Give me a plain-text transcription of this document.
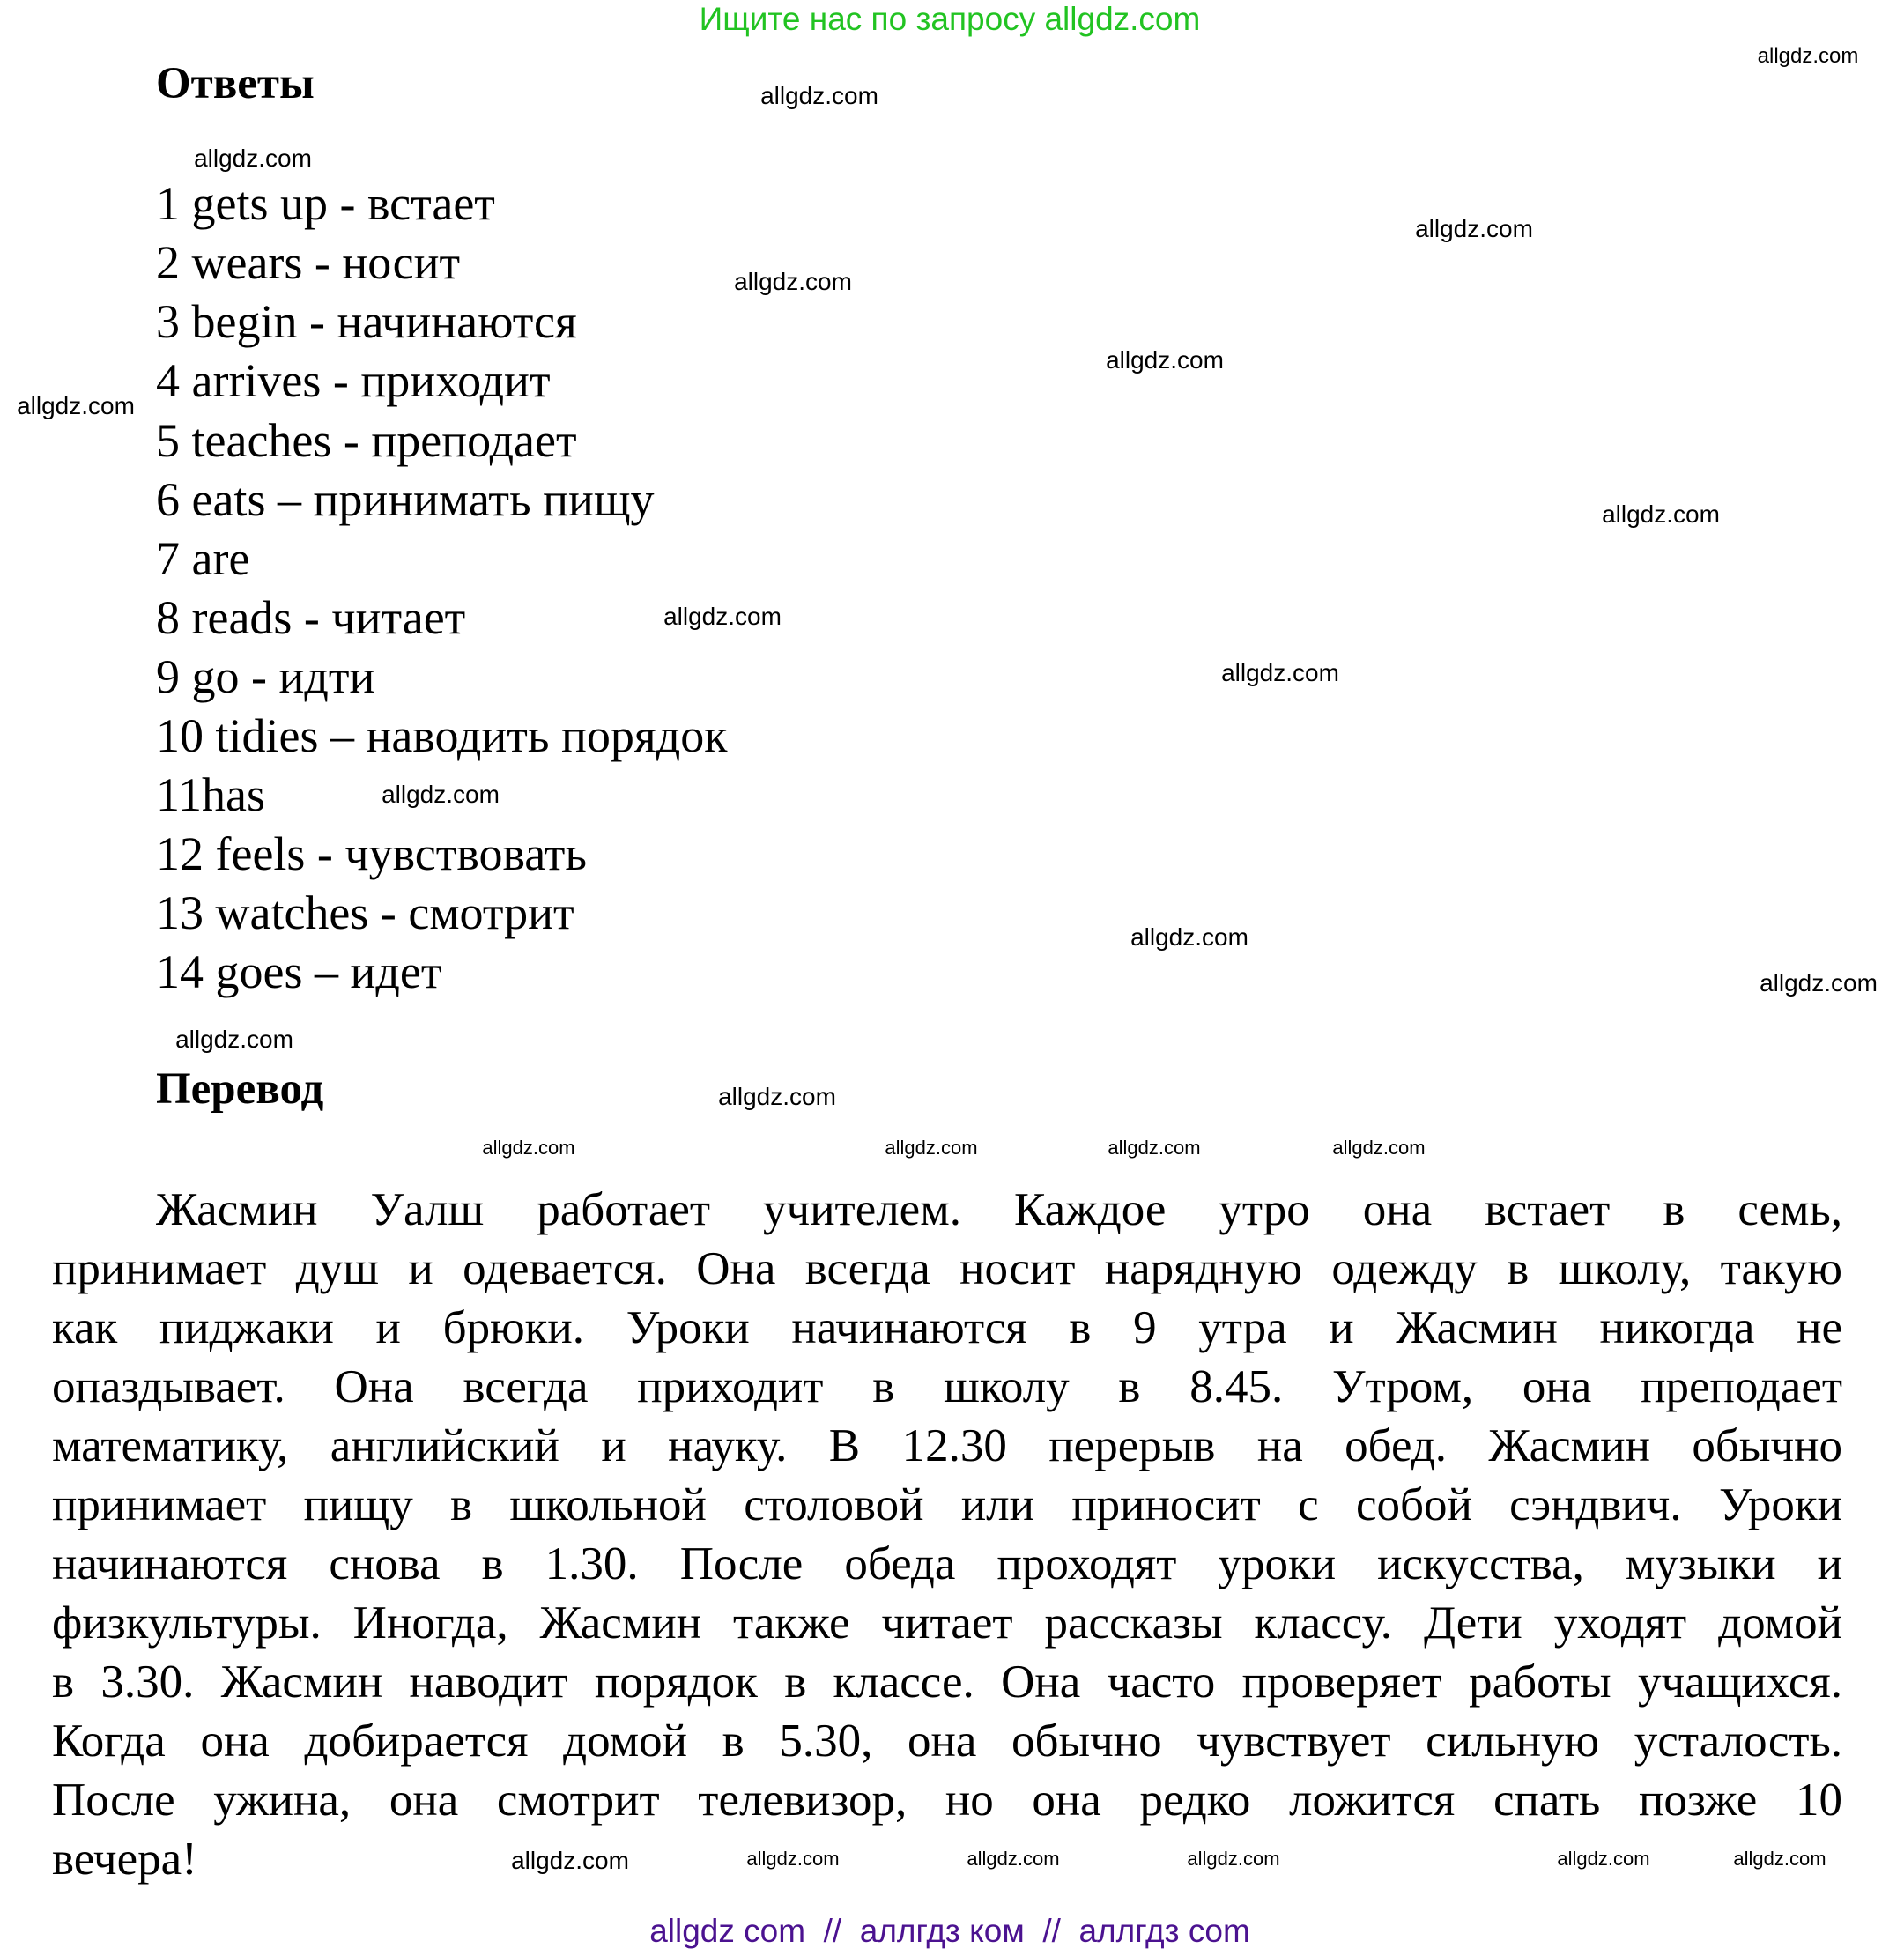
Ищите нас по запросу allgdz.com
Ответы
1 gets up - встает
2 wears - носит
3 begin - начинаются
4 arrives - приходит
5 teaches - преподает
6 eats – принимать пищу
7 are
8 reads - читает
9 go - идти
10 tidies – наводить порядок
11has
12 feels - чувствовать
13 watches - смотрит
14 goes – идет
Перевод
Жасмин Уалш работает учителем. Каждое утро она встает в семь,
принимает душ и одевается. Она всегда носит нарядную одежду в школу, такую
как пиджаки и брюки. Уроки начинаются в 9 утра и Жасмин никогда не
опаздывает. Она всегда приходит в школу в 8.45. Утром, она преподает
математику, английский и науку. В 12.30 перерыв на обед. Жасмин обычно
принимает пищу в школьной столовой или приносит с собой сэндвич. Уроки
начинаются снова в 1.30. После обеда проходят уроки искусства, музыки и
физкультуры. Иногда, Жасмин также читает рассказы классу. Дети уходят домой
в 3.30. Жасмин наводит порядок в классе. Она часто проверяет работы учащихся.
Когда она добирается домой в 5.30, она обычно чувствует сильную усталость.
После ужина, она смотрит телевизор, но она редко ложится спать позже 10
вечера!
allgdz.com
allgdz.com
allgdz.com
allgdz.com
allgdz.com
allgdz.com
allgdz.com
allgdz.com
allgdz.com
allgdz.com
allgdz.com
allgdz.com
allgdz.com
allgdz.com
allgdz.com
allgdz.com
allgdz.com
allgdz.com	allgdz.com
allgdz.com
allgdz.com	allgdz.com
allgdz.com
allgdz.com
allgdz.com
allgdz com  //  аллгдз ком  //  аллгдз com
